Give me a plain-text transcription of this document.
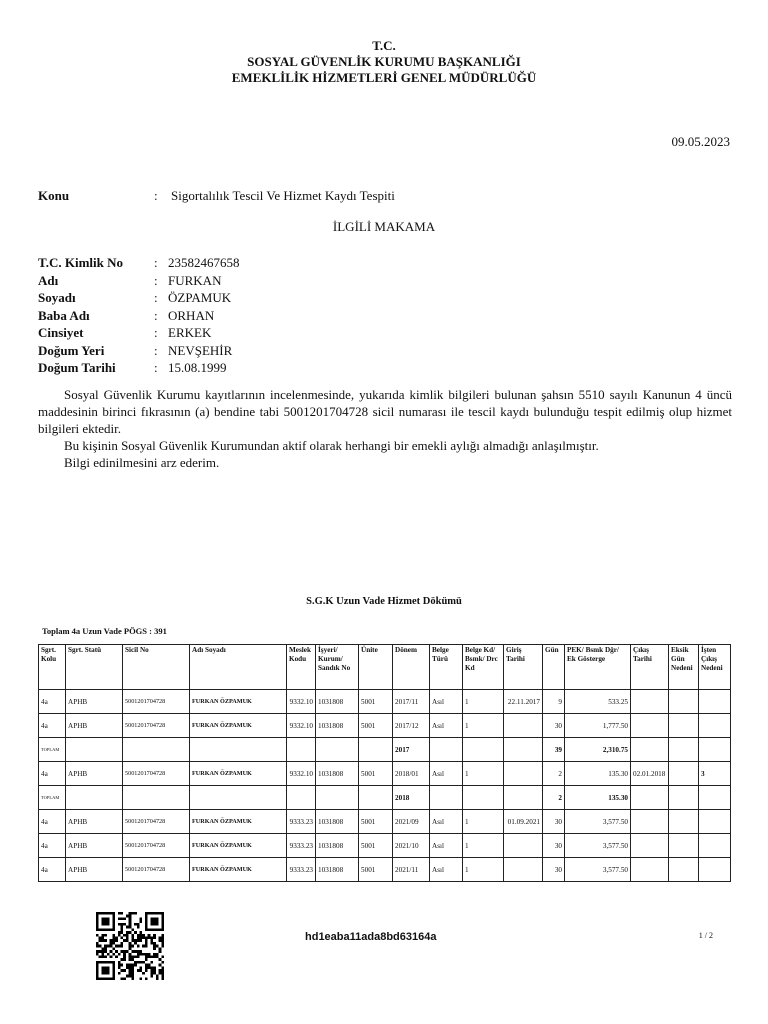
T.C.
SOSYAL GÜVENLİK KURUMU BAŞKANLIĞI
EMEKLİLİK HİZMETLERİ GENEL MÜDÜRLÜĞÜ
09.05.2023
Konu	: Sigortalılık Tescil Ve Hizmet Kaydı Tespiti
İLGİLİ MAKAMA
T.C. Kimlik No : 23582467658
Adı	: FURKAN
Soyadı	: ÖZPAMUK
Baba Adı	: ORHAN
Cinsiyet	: ERKEK
Doğum Yeri	: NEVŞEHİR
Doğum Tarihi	: 15.08.1999

Sosyal Güvenlik Kurumu kayıtlarının incelenmesinde, yukarıda kimlik bilgileri bulunan şahsın 5510 sayılı Kanunun 4 üncü maddesinin birinci fıkrasının (a) bendine tabi 5001201704728 sicil numarası ile tescil kaydı bulunduğu tespit edilmiş olup hizmet bilgileri ektedir.

Bu kişinin Sosyal Güvenlik Kurumundan aktif olarak herhangi bir emekli aylığı almadığı anlaşılmıştır.

Bilgi edinilmesini arz ederim.

S.G.K Uzun Vade Hizmet Dökümü
Toplam 4a Uzun Vade PÖGS : 391
Sgrt. Kolu	Sgrt. Statü	Sicil No	Adı Soyadı	Meslek Kodu	İşyeri/ Kurum/ Sandık No	Ünite	Dönem	Belge Türü	Belge Kd/ Bsmk/ Drc Kd	Giriş Tarihi	Gün	PEK/ Bsmk Dğr/ Ek Gösterge	Çıkış Tarihi	Eksik Gün Nedeni	İşten Çıkış Nedeni
4a	APHB	5001201704728	FURKAN ÖZPAMUK	9332.10	1031808	5001	2017/11	Asıl	1	22.11.2017	9	533.25			
4a	APHB	5001201704728	FURKAN ÖZPAMUK	9332.10	1031808	5001	2017/12	Asıl	1		30	1,777.50			
TOPLAM							2017				39	2,310.75			
4a	APHB	5001201704728	FURKAN ÖZPAMUK	9332.10	1031808	5001	2018/01	Asıl	1		2	135.30	02.01.2018		3
TOPLAM							2018				2	135.30			
4a	APHB	5001201704728	FURKAN ÖZPAMUK	9333.23	1031808	5001	2021/09	Asıl	1	01.09.2021	30	3,577.50			
4a	APHB	5001201704728	FURKAN ÖZPAMUK	9333.23	1031808	5001	2021/10	Asıl	1		30	3,577.50			
4a	APHB	5001201704728	FURKAN ÖZPAMUK	9333.23	1031808	5001	2021/11	Asıl	1		30	3,577.50			
hd1eaba11ada8bd63164a	1 / 2
